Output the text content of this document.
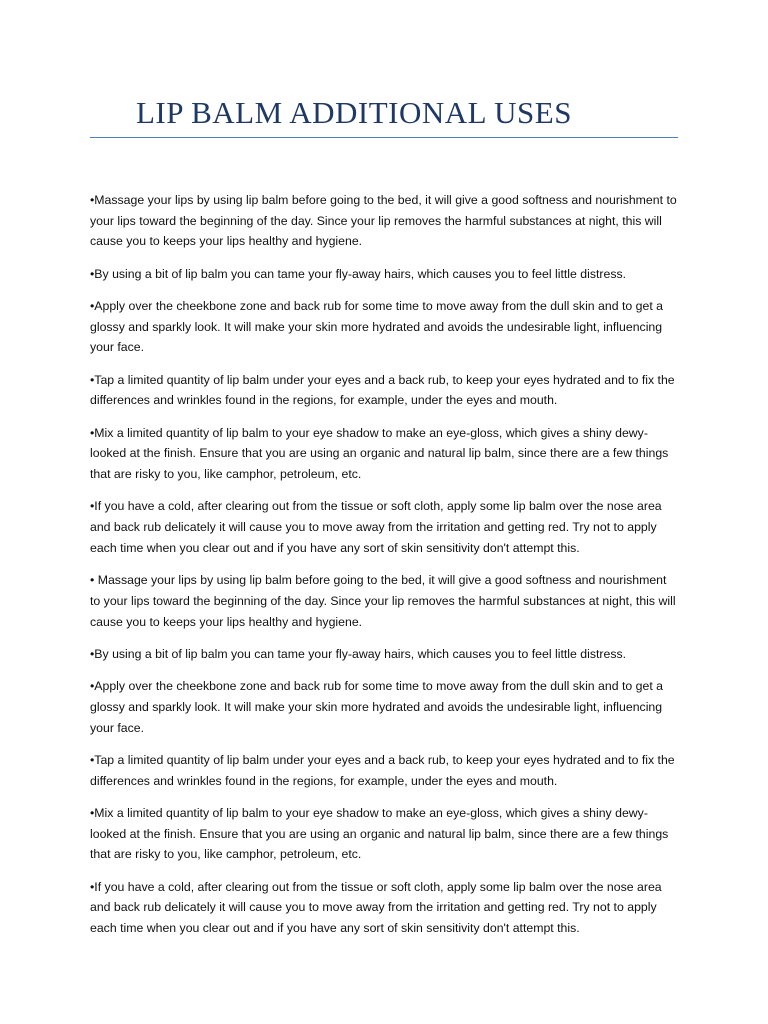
LIP BALM ADDITIONAL USES

•Massage your lips by using lip balm before going to the bed, it will give a good softness and nourishment to your lips toward the beginning of the day. Since your lip removes the harmful substances at night, this will cause you to keeps your lips healthy and hygiene.

•By using a bit of lip balm you can tame your fly-away hairs, which causes you to feel little distress.

•Apply over the cheekbone zone and back rub for some time to move away from the dull skin and to get a glossy and sparkly look. It will make your skin more hydrated and avoids the undesirable light, influencing your face.

•Tap a limited quantity of lip balm under your eyes and a back rub, to keep your eyes hydrated and to fix the differences and wrinkles found in the regions, for example, under the eyes and mouth.

•Mix a limited quantity of lip balm to your eye shadow to make an eye-gloss, which gives a shiny dewy-looked at the finish. Ensure that you are using an organic and natural lip balm, since there are a few things that are risky to you, like camphor, petroleum, etc.

•If you have a cold, after clearing out from the tissue or soft cloth, apply some lip balm over the nose area and back rub delicately it will cause you to move away from the irritation and getting red. Try not to apply each time when you clear out and if you have any sort of skin sensitivity don't attempt this.

• Massage your lips by using lip balm before going to the bed, it will give a good softness and nourishment to your lips toward the beginning of the day. Since your lip removes the harmful substances at night, this will cause you to keeps your lips healthy and hygiene.

•By using a bit of lip balm you can tame your fly-away hairs, which causes you to feel little distress.

•Apply over the cheekbone zone and back rub for some time to move away from the dull skin and to get a glossy and sparkly look. It will make your skin more hydrated and avoids the undesirable light, influencing your face.

•Tap a limited quantity of lip balm under your eyes and a back rub, to keep your eyes hydrated and to fix the differences and wrinkles found in the regions, for example, under the eyes and mouth.

•Mix a limited quantity of lip balm to your eye shadow to make an eye-gloss, which gives a shiny dewy-looked at the finish. Ensure that you are using an organic and natural lip balm, since there are a few things that are risky to you, like camphor, petroleum, etc.

•If you have a cold, after clearing out from the tissue or soft cloth, apply some lip balm over the nose area and back rub delicately it will cause you to move away from the irritation and getting red. Try not to apply each time when you clear out and if you have any sort of skin sensitivity don't attempt this.
